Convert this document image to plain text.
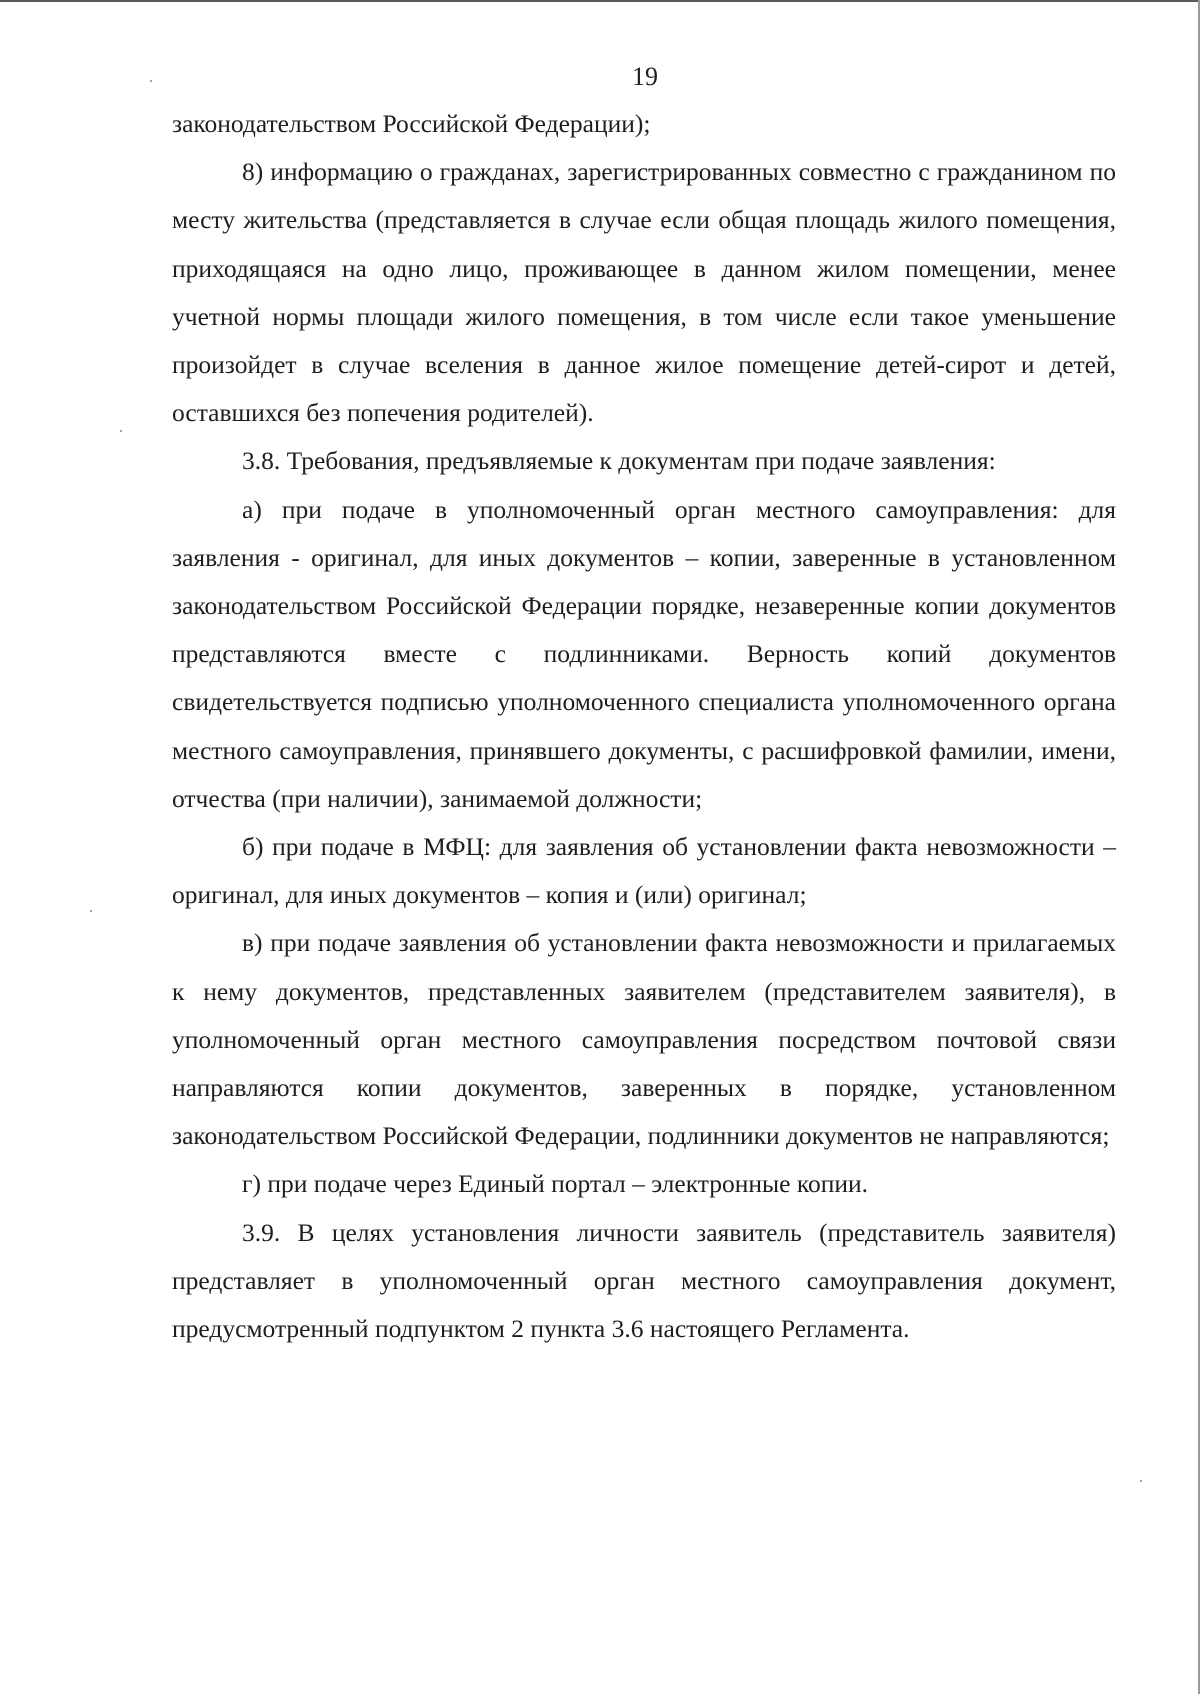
19

законодательством Российской Федерации);

8) информацию о гражданах, зарегистрированных совместно с гражданином по месту жительства (представляется в случае если общая площадь жилого помещения, приходящаяся на одно лицо, проживающее в данном жилом помещении, менее учетной нормы площади жилого помещения, в том числе если такое уменьшение произойдет в случае вселения в данное жилое помещение детей-сирот и детей, оставшихся без попечения родителей).

3.8. Требования, предъявляемые к документам при подаче заявления:

а) при подаче в уполномоченный орган местного самоуправления: для заявления - оригинал, для иных документов – копии, заверенные в установленном законодательством Российской Федерации порядке, незаверенные копии документов представляются вместе с подлинниками. Верность копий документов свидетельствуется подписью уполномоченного специалиста уполномоченного органа местного самоуправления, принявшего документы, с расшифровкой фамилии, имени, отчества (при наличии), занимаемой должности;

б) при подаче в МФЦ: для заявления об установлении факта невозможности – оригинал, для иных документов – копия и (или) оригинал;

в) при подаче заявления об установлении факта невозможности и прилагаемых к нему документов, представленных заявителем (представителем заявителя), в уполномоченный орган местного самоуправления посредством почтовой связи направляются копии документов, заверенных в порядке, установленном законодательством Российской Федерации, подлинники документов не направляются;

г) при подаче через Единый портал – электронные копии.

3.9. В целях установления личности заявитель (представитель заявителя) представляет в уполномоченный орган местного самоуправления документ, предусмотренный подпунктом 2 пункта 3.6 настоящего Регламента.
